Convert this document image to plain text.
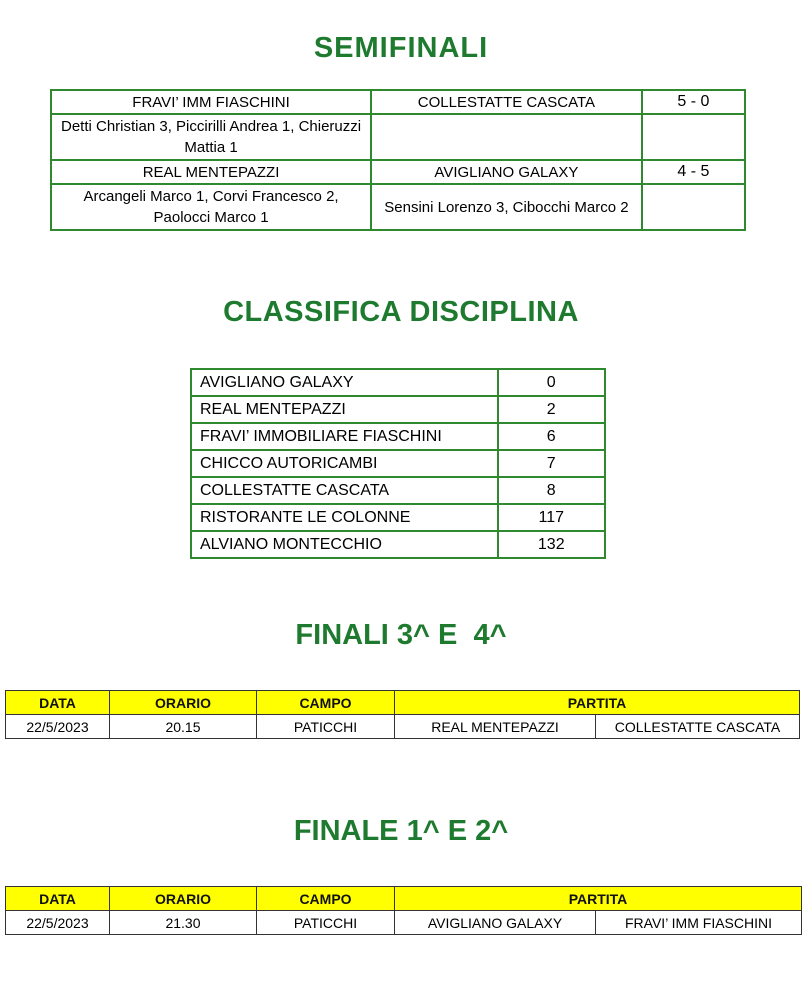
SEMIFINALI
FRAVI’ IMM FIASCHINI	COLLESTATTE CASCATA	5 - 0
Detti Christian 3, Piccirilli Andrea 1, Chieruzzi Mattia 1		
REAL MENTEPAZZI	AVIGLIANO GALAXY	4 - 5
Arcangeli Marco 1, Corvi Francesco 2, Paolocci Marco 1	Sensini Lorenzo 3, Cibocchi Marco 2	
CLASSIFICA DISCIPLINA
AVIGLIANO GALAXY	0
REAL MENTEPAZZI	2
FRAVI’ IMMOBILIARE FIASCHINI	6
CHICCO AUTORICAMBI	7
COLLESTATTE CASCATA	8
RISTORANTE LE COLONNE	117
ALVIANO MONTECCHIO	132
FINALI 3^ E  4^
DATA	ORARIO	CAMPO	PARTITA	
22/5/2023	20.15	PATICCHI	REAL MENTEPAZZI	COLLESTATTE CASCATA
FINALE 1^ E 2^
DATA	ORARIO	CAMPO	PARTITA	
22/5/2023	21.30	PATICCHI	AVIGLIANO GALAXY	FRAVI’ IMM FIASCHINI
